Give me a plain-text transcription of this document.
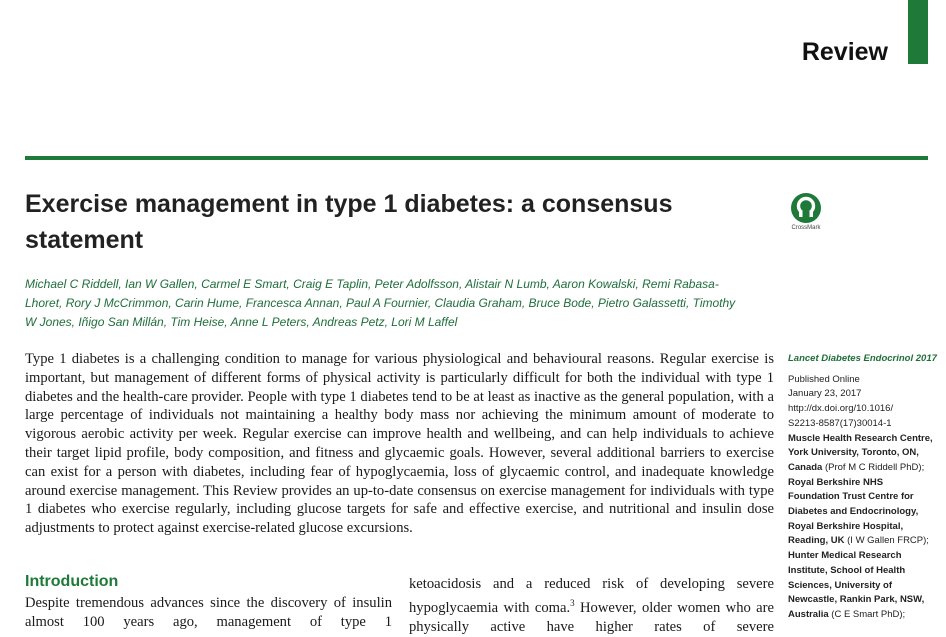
Review
Exercise management in type 1 diabetes: a consensus statement	CrossMark

Michael C Riddell, Ian W Gallen, Carmel E Smart, Craig E Taplin, Peter Adolfsson, Alistair N Lumb, Aaron Kowalski, Remi Rabasa-Lhoret, Rory J McCrimmon, Carin Hume, Francesca Annan, Paul A Fournier, Claudia Graham, Bruce Bode, Pietro Galassetti, Timothy W Jones, Iñigo San Millán, Tim Heise, Anne L Peters, Andreas Petz, Lori M Laffel

Type 1 diabetes is a challenging condition to manage for various physiological and behavioural reasons. Regular exercise is important, but management of different forms of physical activity is particularly difficult for both the individual with type 1 diabetes and the health-care provider. People with type 1 diabetes tend to be at least as inactive as the general population, with a large percentage of individuals not maintaining a healthy body mass nor achieving the minimum amount of moderate to vigorous aerobic activity per week. Regular exercise can improve health and wellbeing, and can help individuals to achieve their target lipid profile, body composition, and fitness and glycaemic goals. However, several additional barriers to exercise can exist for a person with diabetes, including fear of hypoglycaemia, loss of glycaemic control, and inadequate knowledge around exercise management. This Review provides an up-to-date consensus on exercise management for individuals with type 1 diabetes who exercise regularly, including glucose targets for safe and effective exercise, and nutritional and insulin dose adjustments to protect against exercise-related glucose excursions.

Introduction

Despite tremendous advances since the discovery of insulin almost 100 years ago, management of type 1

ketoacidosis and a reduced risk of developing severe hypoglycaemia with coma.$^3$ However, older women who are physically active have higher rates of severe

Lancet Diabetes Endocrinol 2017
Published Online
January 23, 2017
http://dx.doi.org/10.1016/
S2213-8587(17)30014-1
Muscle Health Research Centre,
York University, Toronto, ON,
Canada (Prof M C Riddell PhD);
Royal Berkshire NHS
Foundation Trust Centre for
Diabetes and Endocrinology,
Royal Berkshire Hospital,
Reading, UK (I W Gallen FRCP);
Hunter Medical Research
Institute, School of Health
Sciences, University of
Newcastle, Rankin Park, NSW,
Australia (C E Smart PhD);
